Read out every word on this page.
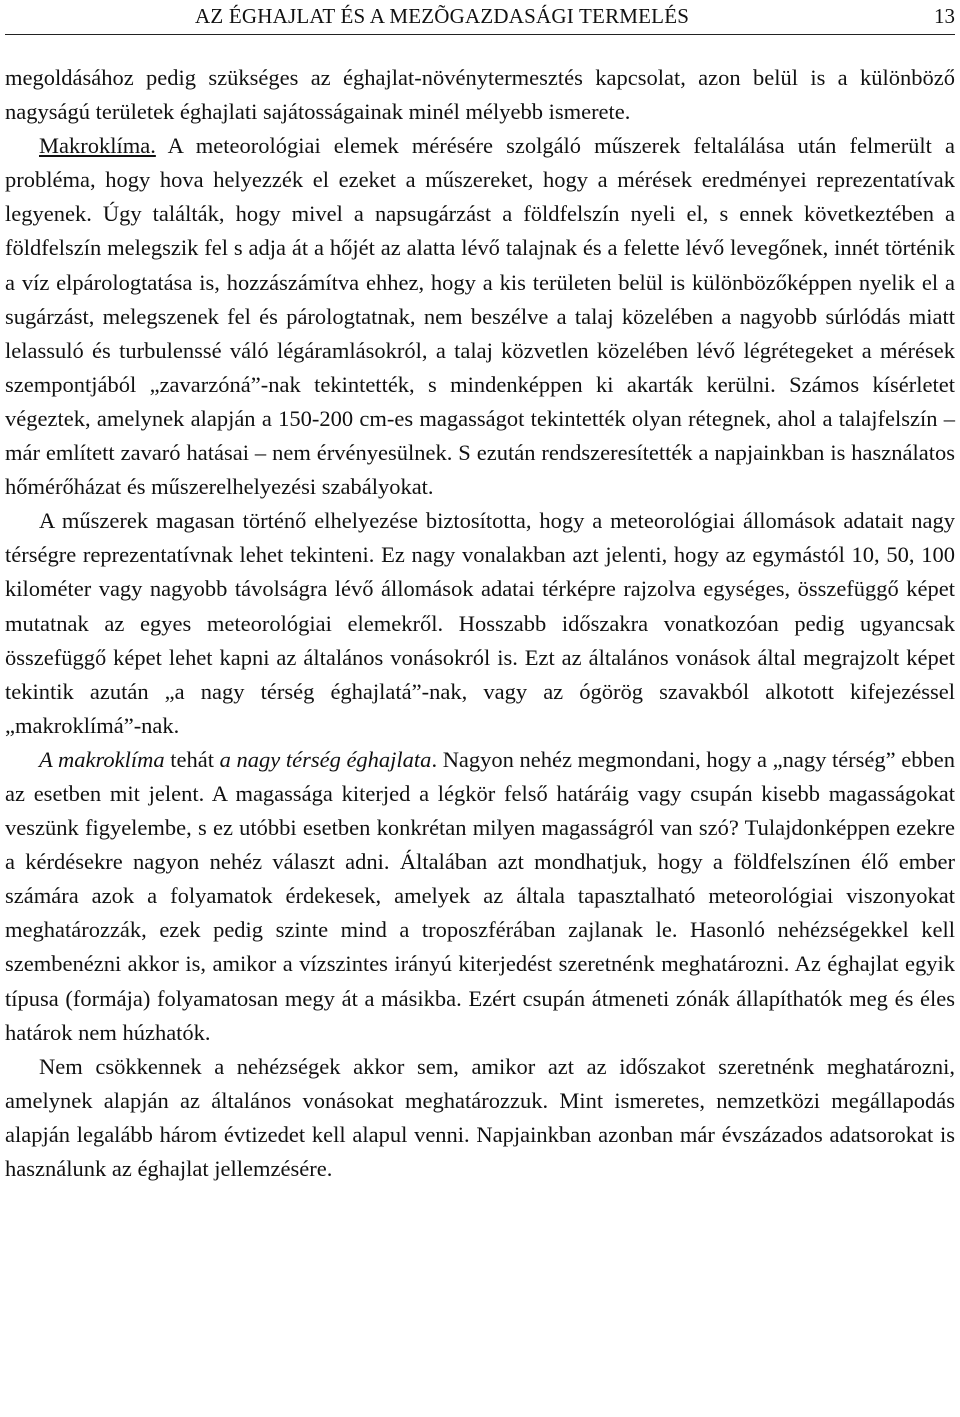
AZ ÉGHAJLAT ÉS A MEZÕGAZDASÁGI TERMELÉS	13

megoldásához pedig szükséges az éghajlat-növénytermesztés kapcsolat, azon belül is a különböző nagyságú területek éghajlati sajátosságainak minél mélyebb ismerete.

Makroklíma. A meteorológiai elemek mérésére szolgáló műszerek feltalálása után felmerült a probléma, hogy hova helyezzék el ezeket a műszereket, hogy a mérések eredményei reprezentatívak legyenek. Úgy találták, hogy mivel a napsugárzást a földfelszín nyeli el, s ennek következtében a földfelszín melegszik fel s adja át a hőjét az alatta lévő talajnak és a felette lévő levegőnek, innét történik a víz elpárologtatása is, hozzászámítva ehhez, hogy a kis területen belül is különbözőképpen nyelik el a sugárzást, melegszenek fel és párologtatnak, nem beszélve a talaj közelében a nagyobb súrlódás miatt lelassuló és turbulenssé váló légáramlásokról, a talaj közvetlen közelében lévő légrétegeket a mérések szempontjából „zavarzóná”-nak tekintették, s mindenképpen ki akarták kerülni. Számos kísérletet végeztek, amelynek alapján a 150-200 cm-es magasságot tekintették olyan rétegnek, ahol a talajfelszín – már említett zavaró hatásai – nem érvényesülnek. S ezután rendszeresítették a napjainkban is használatos hőmérőházat és műszerelhelyezési szabályokat.

A műszerek magasan történő elhelyezése biztosította, hogy a meteorológiai állomások adatait nagy térségre reprezentatívnak lehet tekinteni. Ez nagy vonalakban azt jelenti, hogy az egymástól 10, 50, 100 kilométer vagy nagyobb távolságra lévő állomások adatai térképre rajzolva egységes, összefüggő képet mutatnak az egyes meteorológiai elemekről. Hosszabb időszakra vonatkozóan pedig ugyancsak összefüggő képet lehet kapni az általános vonásokról is. Ezt az általános vonások által megrajzolt képet tekintik azután „a nagy térség éghajlatá”-nak, vagy az ógörög szavakból alkotott kifejezéssel „makroklímá”-nak.

A makroklíma tehát a nagy térség éghajlata. Nagyon nehéz megmondani, hogy a „nagy térség” ebben az esetben mit jelent. A magassága kiterjed a légkör felső határáig vagy csupán kisebb magasságokat veszünk figyelembe, s ez utóbbi esetben konkrétan milyen magasságról van szó? Tulajdonképpen ezekre a kérdésekre nagyon nehéz választ adni. Általában azt mondhatjuk, hogy a földfelszínen élő ember számára azok a folyamatok érdekesek, amelyek az általa tapasztalható meteorológiai viszonyokat meghatározzák, ezek pedig szinte mind a troposzférában zajlanak le. Hasonló nehézségekkel kell szembenézni akkor is, amikor a vízszintes irányú kiterjedést szeretnénk meghatározni. Az éghajlat egyik típusa (formája) folyamatosan megy át a másikba. Ezért csupán átmeneti zónák állapíthatók meg és éles határok nem húzhatók.

Nem csökkennek a nehézségek akkor sem, amikor azt az időszakot szeretnénk meghatározni, amelynek alapján az általános vonásokat meghatározzuk. Mint ismeretes, nemzetközi megállapodás alapján legalább három évtizedet kell alapul venni. Napjainkban azonban már évszázados adatsorokat is használunk az éghajlat jellemzésére.
